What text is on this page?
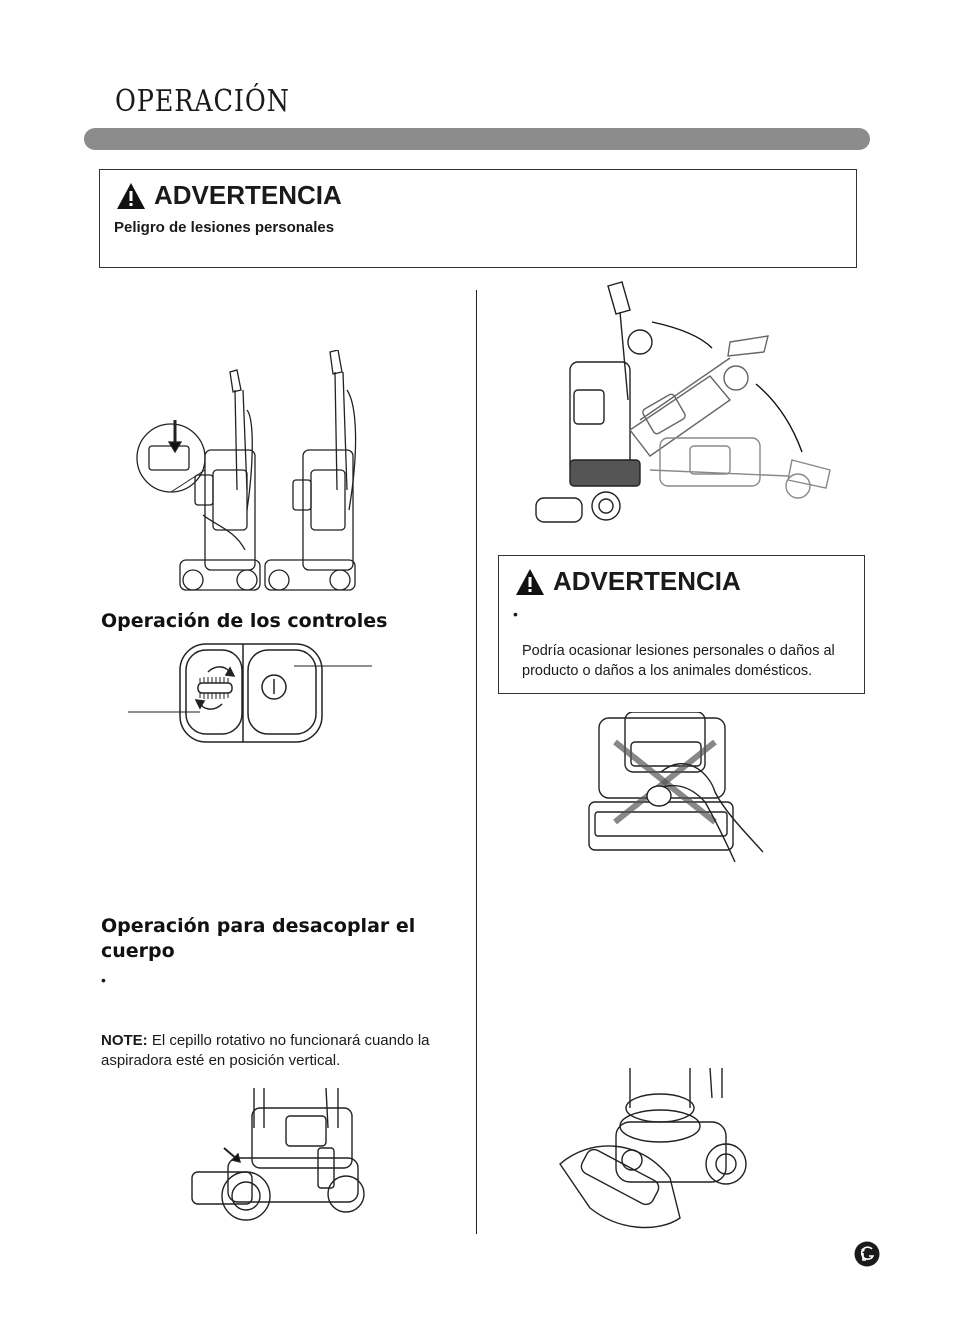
OPERACIÓN
ADVERTENCIA
Peligro de lesiones personales
Operación de los controles
Operación para desacoplar el
cuerpo
•
NOTE: El cepillo rotativo no funcionará cuando la
aspiradora esté en posición vertical.
ADVERTENCIA
•
Podría ocasionar lesiones personales o daños al
producto o daños a los animales domésticos.
